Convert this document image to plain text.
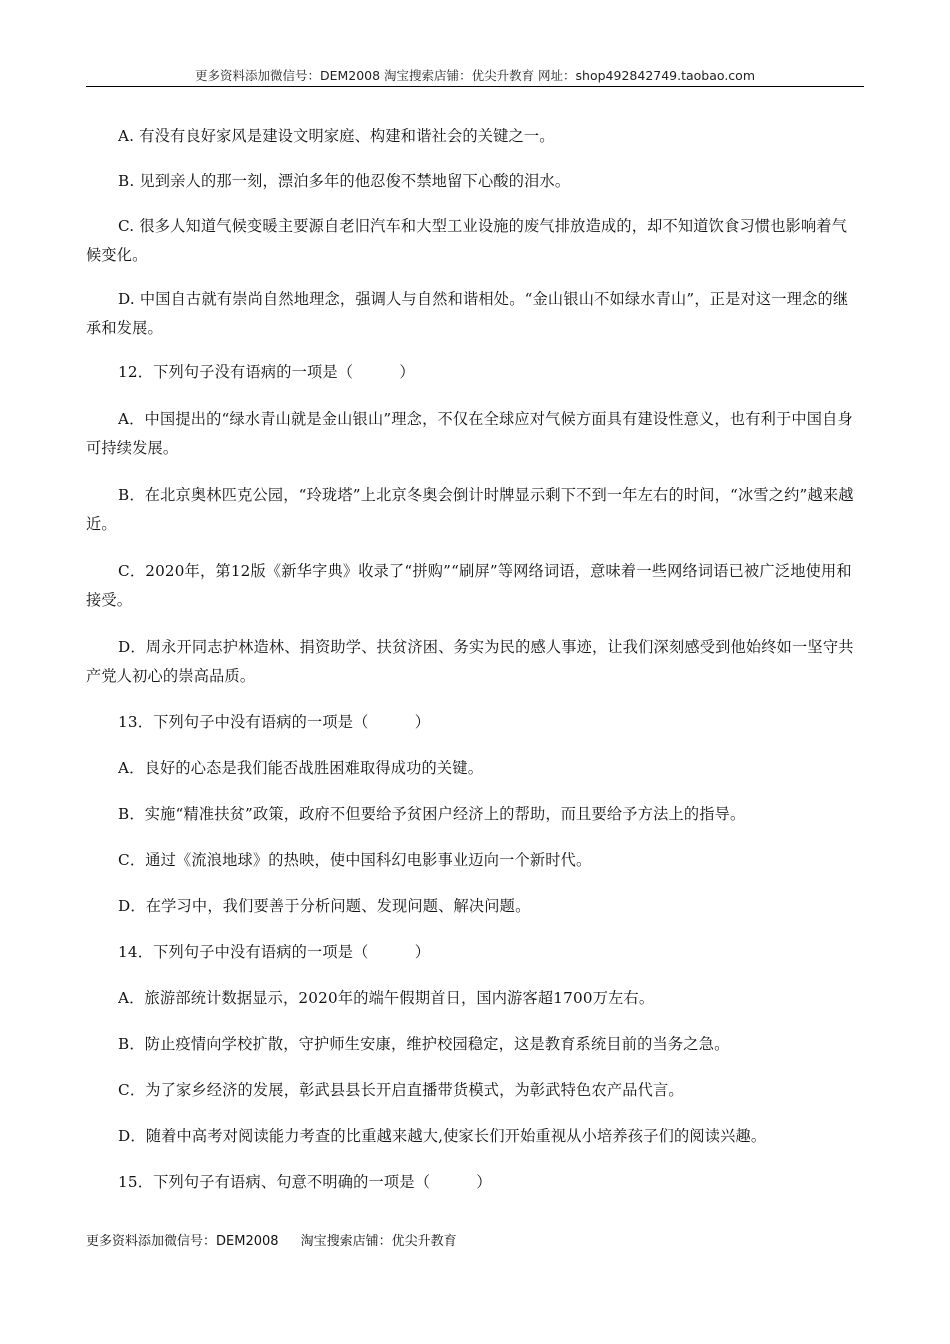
更多资料添加微信号：DEM2008 淘宝搜索店铺：优尖升教育 网址：shop492842749.taobao.com
A. 有没有良好家风是建设文明家庭、构建和谐社会的关键之一。
B. 见到亲人的那一刻，漂泊多年的他忍俊不禁地留下心酸的泪水。
C. 很多人知道气候变暖主要源自老旧汽车和大型工业设施的废气排放造成的，却不知道饮食习惯也影响着气候变化。
D. 中国自古就有崇尚自然地理念，强调人与自然和谐相处。“金山银山不如绿水青山”，正是对这一理念的继承和发展。
12．下列句子没有语病的一项是（　　　）
A．中国提出的“绿水青山就是金山银山”理念，不仅在全球应对气候方面具有建设性意义，也有利于中国自身可持续发展。
B．在北京奥林匹克公园，“玲珑塔”上北京冬奥会倒计时牌显示剩下不到一年左右的时间，“冰雪之约”越来越近。
C．2020年，第12版《新华字典》收录了“拼购”“刷屏”等网络词语，意味着一些网络词语已被广泛地使用和接受。
D．周永开同志护林造林、捐资助学、扶贫济困、务实为民的感人事迹，让我们深刻感受到他始终如一坚守共产党人初心的崇高品质。
13．下列句子中没有语病的一项是（　　　）
A．良好的心态是我们能否战胜困难取得成功的关键。
B．实施“精准扶贫”政策，政府不但要给予贫困户经济上的帮助，而且要给予方法上的指导。
C．通过《流浪地球》的热映，使中国科幻电影事业迈向一个新时代。
D．在学习中，我们要善于分析问题、发现问题、解决问题。
14．下列句子中没有语病的一项是（　　　）
A．旅游部统计数据显示，2020年的端午假期首日，国内游客超1700万左右。
B．防止疫情向学校扩散，守护师生安康，维护校园稳定，这是教育系统目前的当务之急。
C．为了家乡经济的发展，彰武县县长开启直播带货模式，为彰武特色农产品代言。
D．随着中高考对阅读能力考查的比重越来越大,使家长们开始重视从小培养孩子们的阅读兴趣。
15．下列句子有语病、句意不明确的一项是（　　　）
更多资料添加微信号：DEM2008 淘宝搜索店铺：优尖升教育
